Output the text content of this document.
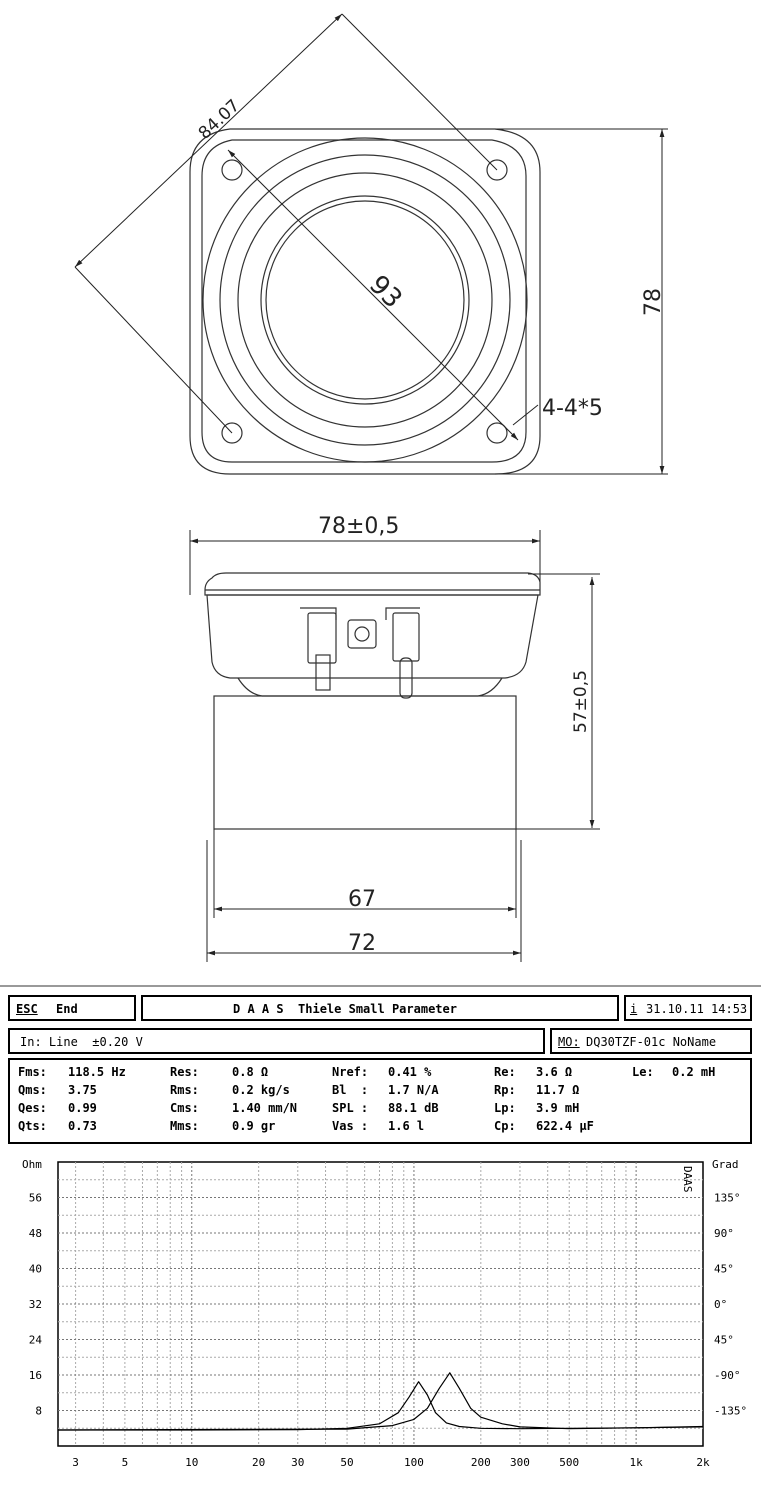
84.07
93	78
4-4*5
78±0,5
57±0,5
67
72
ESC End	D A A S  Thiele Small Parameter	i 31.10.11 14:53
In: Line  ±0.20 V	MO: DQ30TZF-01c NoName
Fms: 118.5 Hz	Res:	0.8 Ω	Nref: 0.41 %	Re: 3.6 Ω	Le: 0.2 mH
Qms: 3.75	Rms:	0.2 kg/s	Bl  : 1.7 N/A	Rp: 11.7 Ω
Qes: 0.99	Cms:	1.40 mm/N	SPL : 88.1 dB	Lp: 3.9 mH
Qts: 0.73	Mms:	0.9 gr	Vas : 1.6 l	Cp: 622.4 µF
3	5	10	20 30	50	100	200 300	500	1k	2k
Ohm
8
16
24
32
40
48
56
Grad
-135°
-90°
45°
0°
45°
90°
135°
DAAS
